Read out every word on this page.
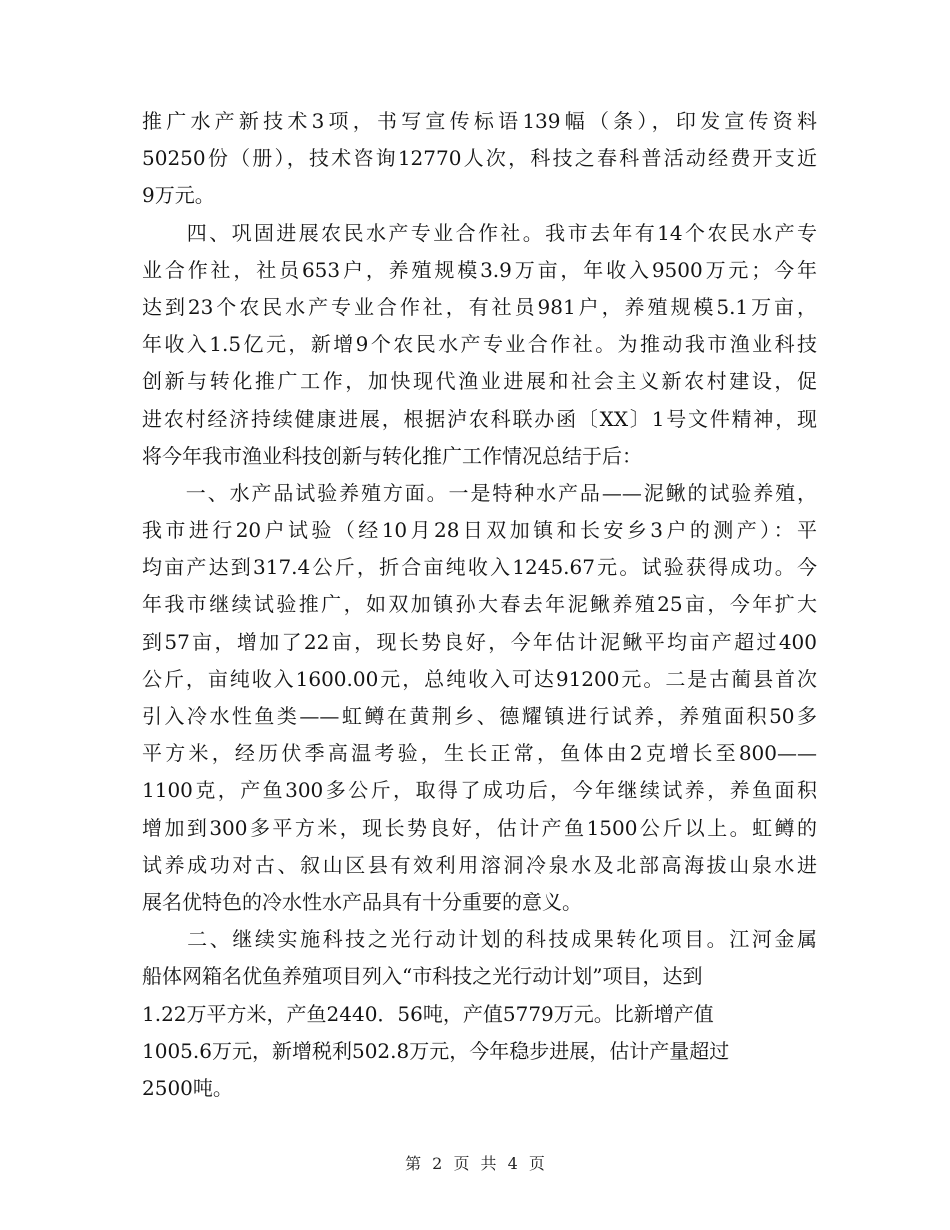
推广水产新技术3项，书写宣传标语139幅（条），印发宣传资料
50250份（册），技术咨询12770人次，科技之春科普活动经费开支近
9万元。
　　四、巩固进展农民水产专业合作社。我市去年有14个农民水产专
业合作社，社员653户，养殖规模3.9万亩，年收入9500万元；今年
达到23个农民水产专业合作社，有社员981户，养殖规模5.1万亩，
年收入1.5亿元，新增9个农民水产专业合作社。为推动我市渔业科技
创新与转化推广工作，加快现代渔业进展和社会主义新农村建设，促
进农村经济持续健康进展，根据泸农科联办函〔XX〕1号文件精神，现
将今年我市渔业科技创新与转化推广工作情况总结于后：
　　一、水产品试验养殖方面。一是特种水产品——泥鳅的试验养殖，
我市进行20户试验（经10月28日双加镇和长安乡3户的测产）：平
均亩产达到317.4公斤，折合亩纯收入1245.67元。试验获得成功。今
年我市继续试验推广，如双加镇孙大春去年泥鳅养殖25亩，今年扩大
到57亩，增加了22亩，现长势良好，今年估计泥鳅平均亩产超过400
公斤，亩纯收入1600.00元，总纯收入可达91200元。二是古蔺县首次
引入冷水性鱼类——虹鳟在黄荆乡、德耀镇进行试养，养殖面积50多
平方米，经历伏季高温考验，生长正常，鱼体由2克增长至800——
1100克，产鱼300多公斤，取得了成功后，今年继续试养，养鱼面积
增加到300多平方米，现长势良好，估计产鱼1500公斤以上。虹鳟的
试养成功对古、叙山区县有效利用溶洞冷泉水及北部高海拔山泉水进
展名优特色的冷水性水产品具有十分重要的意义。
　　二、继续实施科技之光行动计划的科技成果转化项目。江河金属
船体网箱名优鱼养殖项目列入“市科技之光行动计划”项目，达到
1.22万平方米，产鱼2440．56吨，产值5779万元。比新增产值
1005.6万元，新增税利502.8万元，今年稳步进展，估计产量超过
2500吨。
第 2 页 共 4 页
